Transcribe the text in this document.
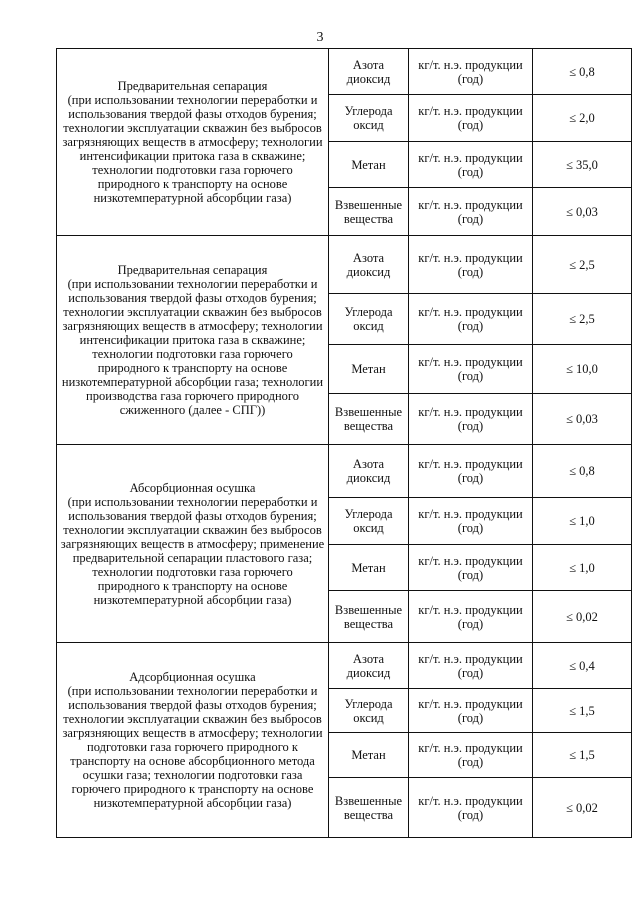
3
Предварительная сепарация
(при использовании технологии переработки и использования твердой фазы отходов бурения; технологии эксплуатации скважин без выбросов загрязняющих веществ в атмосферу; технологии интенсификации притока газа в скважине; технологии подготовки газа горючего природного к транспорту на основе низкотемпературной абсорбции газа)	Азота диоксид	кг/т. н.э. продукции (год)	≤ 0,8
	Углерода оксид	кг/т. н.э. продукции (год)	≤ 2,0
	Метан	кг/т. н.э. продукции (год)	≤ 35,0
	Взвешенные вещества	кг/т. н.э. продукции (год)	≤ 0,03

Предварительная сепарация
(при использовании технологии переработки и использования твердой фазы отходов бурения; технологии эксплуатации скважин без выбросов загрязняющих веществ в атмосферу; технологии интенсификации притока газа в скважине; технологии подготовки газа горючего природного к транспорту на основе низкотемпературной абсорбции газа; технологии производства газа горючего природного сжиженного (далее - СПГ))	Азота диоксид	кг/т. н.э. продукции (год)	≤ 2,5
	Углерода оксид	кг/т. н.э. продукции (год)	≤ 2,5
	Метан	кг/т. н.э. продукции (год)	≤ 10,0
	Взвешенные вещества	кг/т. н.э. продукции (год)	≤ 0,03

Абсорбционная осушка
(при использовании технологии переработки и использования твердой фазы отходов бурения; технологии эксплуатации скважин без выбросов загрязняющих веществ в атмосферу; применение предварительной сепарации пластового газа; технологии подготовки газа горючего природного к транспорту на основе низкотемпературной абсорбции газа)	Азота диоксид	кг/т. н.э. продукции (год)	≤ 0,8
	Углерода оксид	кг/т. н.э. продукции (год)	≤ 1,0
	Метан	кг/т. н.э. продукции (год)	≤ 1,0
	Взвешенные вещества	кг/т. н.э. продукции (год)	≤ 0,02

Адсорбционная осушка
(при использовании технологии переработки и использования твердой фазы отходов бурения; технологии эксплуатации скважин без выбросов загрязняющих веществ в атмосферу; технологии подготовки газа горючего природного к транспорту на основе абсорбционного метода осушки газа; технологии подготовки газа горючего природного к транспорту на основе низкотемпературной абсорбции газа)	Азота диоксид	кг/т. н.э. продукции (год)	≤ 0,4
	Углерода оксид	кг/т. н.э. продукции (год)	≤ 1,5
	Метан	кг/т. н.э. продукции (год)	≤ 1,5
	Взвешенные вещества	кг/т. н.э. продукции (год)	≤ 0,02
